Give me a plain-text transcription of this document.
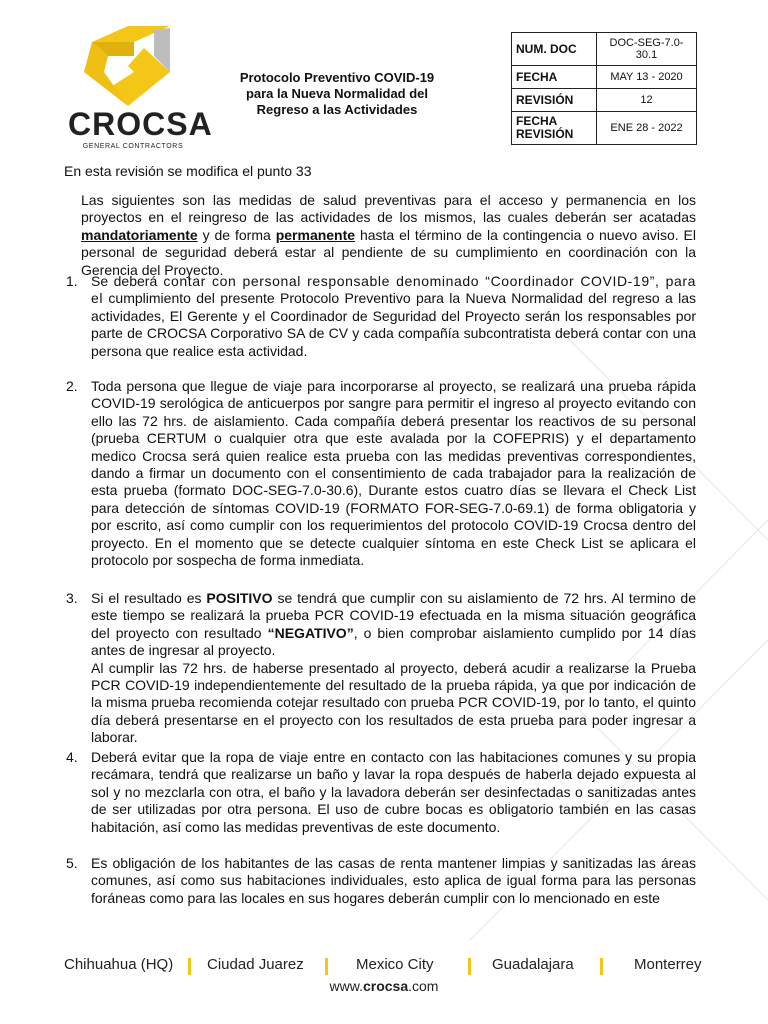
CROCSA
GENERAL CONTRACTORS
Protocolo Preventivo COVID-19
para la Nueva Normalidad del
Regreso a las Actividades
NUM. DOC	DOC-SEG-7.0-30.1
FECHA	MAY 13 - 2020
REVISIÓN	12
FECHA
REVISIÓN	ENE 28 - 2022
En esta revisión se modifica el punto 33
Las siguientes son las medidas de salud preventivas para el acceso y permanencia en los proyectos en el reingreso de las actividades de los mismos, las cuales deberán ser acatadas mandatoriamente y de forma permanente hasta el término de la contingencia o nuevo aviso. El personal de seguridad deberá estar al pendiente de su cumplimiento en coordinación con la Gerencia del Proyecto.
1. Se deberá contar con personal responsable denominado “Coordinador COVID-19”, para el cumplimiento del presente Protocolo Preventivo para la Nueva Normalidad del regreso a las actividades, El Gerente y el Coordinador de Seguridad del Proyecto serán los responsables por parte de CROCSA Corporativo SA de CV y cada compañía subcontratista deberá contar con una persona que realice esta actividad.
2. Toda persona que llegue de viaje para incorporarse al proyecto, se realizará una prueba rápida COVID-19 serológica de anticuerpos por sangre para permitir el ingreso al proyecto evitando con ello las 72 hrs. de aislamiento. Cada compañía deberá presentar los reactivos de su personal (prueba CERTUM o cualquier otra que este avalada por la COFEPRIS) y el departamento medico Crocsa será quien realice esta prueba con las medidas preventivas correspondientes, dando a firmar un documento con el consentimiento de cada trabajador para la realización de esta prueba (formato DOC-SEG-7.0-30.6), Durante estos cuatro días se llevara el Check List para detección de síntomas COVID-19 (FORMATO FOR-SEG-7.0-69.1) de forma obligatoria y por escrito, así como cumplir con los requerimientos del protocolo COVID-19 Crocsa dentro del proyecto. En el momento que se detecte cualquier síntoma en este Check List se aplicara el protocolo por sospecha de forma inmediata.
3. Si el resultado es POSITIVO se tendrá que cumplir con su aislamiento de 72 hrs. Al termino de este tiempo se realizará la prueba PCR COVID-19 efectuada en la misma situación geográfica del proyecto con resultado “NEGATIVO”, o bien comprobar aislamiento cumplido por 14 días antes de ingresar al proyecto.

Al cumplir las 72 hrs. de haberse presentado al proyecto, deberá acudir a realizarse la Prueba PCR COVID-19 independientemente del resultado de la prueba rápida, ya que por indicación de la misma prueba recomienda cotejar resultado con prueba PCR COVID-19, por lo tanto, el quinto día deberá presentarse en el proyecto con los resultados de esta prueba para poder ingresar a laborar.

4. Deberá evitar que la ropa de viaje entre en contacto con las habitaciones comunes y su propia recámara, tendrá que realizarse un baño y lavar la ropa después de haberla dejado expuesta al sol y no mezclarla con otra, el baño y la lavadora deberán ser desinfectadas o sanitizadas antes de ser utilizadas por otra persona. El uso de cubre bocas es obligatorio también en las casas habitación, así como las medidas preventivas de este documento.
5. Es obligación de los habitantes de las casas de renta mantener limpias y sanitizadas las áreas comunes, así como sus habitaciones individuales, esto aplica de igual forma para las personas foráneas como para las locales en sus hogares deberán cumplir con lo mencionado en este
Chihuahua (HQ) Ciudad Juarez	Mexico City	Guadalajara	Monterrey
www.crocsa.com
